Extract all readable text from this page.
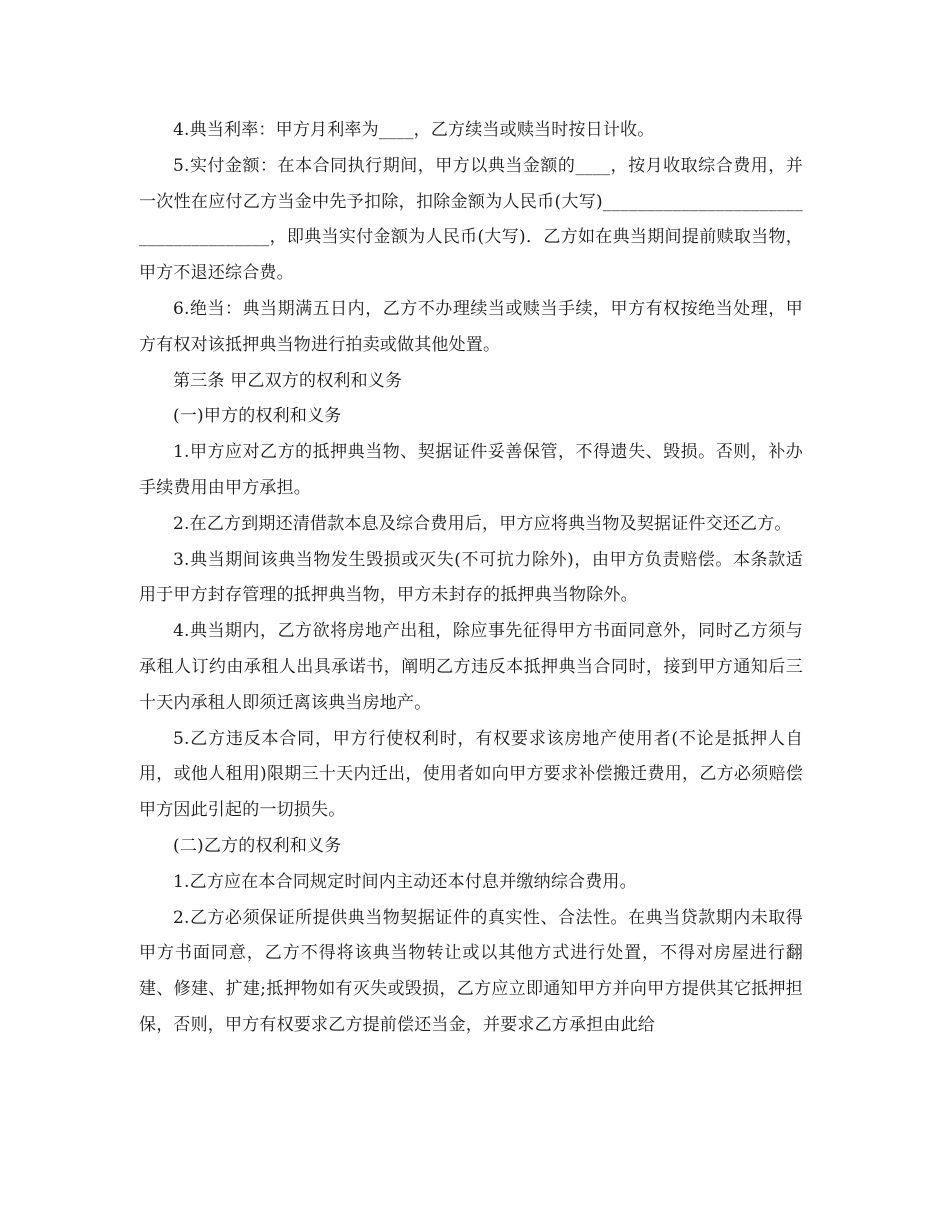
4.典当利率：甲方月利率为____，乙方续当或赎当时按日计收。

5.实付金额：在本合同执行期间，甲方以典当金额的____，按月收取综合费用，并一次性在应付乙方当金中先予扣除，扣除金额为人民币(大写)______________________________________，即典当实付金额为人民币(大写)．乙方如在典当期间提前赎取当物，甲方不退还综合费。

6.绝当：典当期满五日内，乙方不办理续当或赎当手续，甲方有权按绝当处理，甲方有权对该抵押典当物进行拍卖或做其他处置。

第三条 甲乙双方的权利和义务

(一)甲方的权利和义务

1.甲方应对乙方的抵押典当物、契据证件妥善保管，不得遗失、毁损。否则，补办手续费用由甲方承担。

2.在乙方到期还清借款本息及综合费用后，甲方应将典当物及契据证件交还乙方。

3.典当期间该典当物发生毁损或灭失(不可抗力除外)，由甲方负责赔偿。本条款适用于甲方封存管理的抵押典当物，甲方未封存的抵押典当物除外。

4.典当期内，乙方欲将房地产出租，除应事先征得甲方书面同意外，同时乙方须与承租人订约由承租人出具承诺书，阐明乙方违反本抵押典当合同时，接到甲方通知后三十天内承租人即须迁离该典当房地产。

5.乙方违反本合同，甲方行使权利时，有权要求该房地产使用者(不论是抵押人自用，或他人租用)限期三十天内迁出，使用者如向甲方要求补偿搬迁费用，乙方必须赔偿甲方因此引起的一切损失。

(二)乙方的权利和义务

1.乙方应在本合同规定时间内主动还本付息并缴纳综合费用。

2.乙方必须保证所提供典当物契据证件的真实性、合法性。在典当贷款期内未取得甲方书面同意，乙方不得将该典当物转让或以其他方式进行处置，不得对房屋进行翻建、修建、扩建;抵押物如有灭失或毁损，乙方应立即通知甲方并向甲方提供其它抵押担保，否则，甲方有权要求乙方提前偿还当金，并要求乙方承担由此给
